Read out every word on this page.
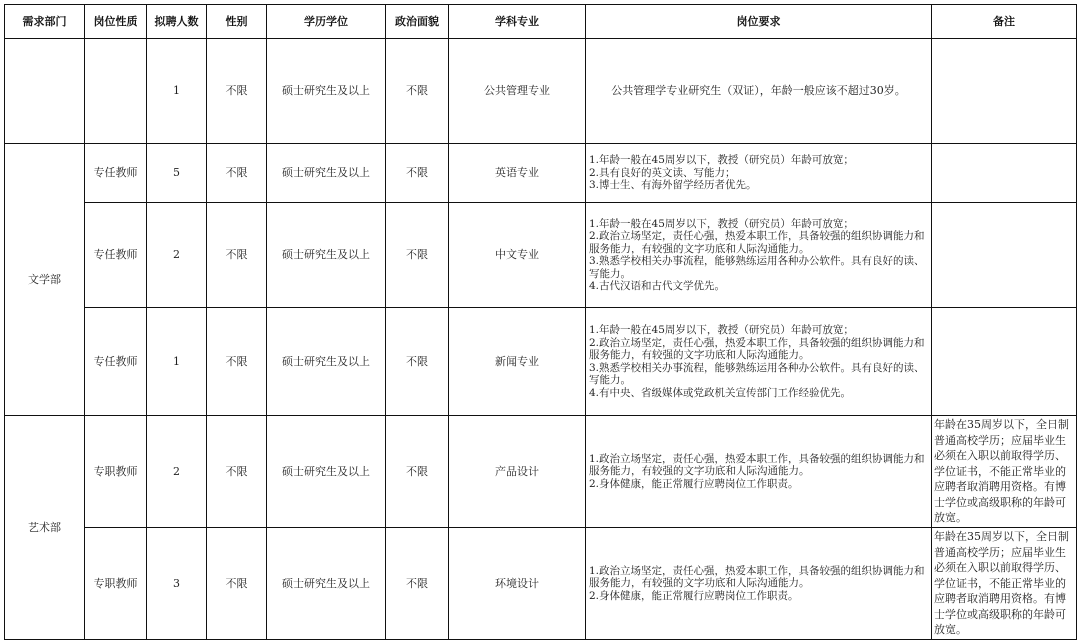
需求部门	岗位性质	拟聘人数	性别	学历学位	政治面貌	学科专业	岗位要求	备注
		1	不限	硕士研究生及以上	不限	公共管理专业	公共管理学专业研究生（双证），年龄一般应该不超过30岁。	

文学部	专任教师	5	不限	硕士研究生及以上	不限	英语专业	1.年龄一般在45周岁以下，教授（研究员）年龄可放宽；
2.具有良好的英文读、写能力；
3.博士生、有海外留学经历者优先。	

	专任教师	2	不限	硕士研究生及以上	不限	中文专业	1.年龄一般在45周岁以下，教授（研究员）年龄可放宽；
2.政治立场坚定，责任心强，热爱本职工作，具备较强的组织协调能力和服务能力，有较强的文字功底和人际沟通能力。
3.熟悉学校相关办事流程，能够熟练运用各种办公软件。具有良好的读、写能力。
4.古代汉语和古代文学优先。	

	专任教师	1	不限	硕士研究生及以上	不限	新闻专业	1.年龄一般在45周岁以下，教授（研究员）年龄可放宽；
2.政治立场坚定，责任心强，热爱本职工作，具备较强的组织协调能力和服务能力，有较强的文字功底和人际沟通能力。
3.熟悉学校相关办事流程，能够熟练运用各种办公软件。具有良好的读、写能力。
4.有中央、省级媒体或党政机关宣传部门工作经验优先。	

艺术部	专职教师	2	不限	硕士研究生及以上	不限	产品设计	1.政治立场坚定，责任心强，热爱本职工作，具备较强的组织协调能力和服务能力，有较强的文字功底和人际沟通能力。
2.身体健康，能正常履行应聘岗位工作职责。	年龄在35周岁以下，全日制普通高校学历；应届毕业生必须在入职以前取得学历、学位证书，不能正常毕业的应聘者取消聘用资格。有博士学位或高级职称的年龄可放宽。
	专职教师	3	不限	硕士研究生及以上	不限	环境设计	1.政治立场坚定，责任心强，热爱本职工作，具备较强的组织协调能力和服务能力，有较强的文字功底和人际沟通能力。
2.身体健康，能正常履行应聘岗位工作职责。	年龄在35周岁以下，全日制普通高校学历；应届毕业生必须在入职以前取得学历、学位证书，不能正常毕业的应聘者取消聘用资格。有博士学位或高级职称的年龄可放宽。
